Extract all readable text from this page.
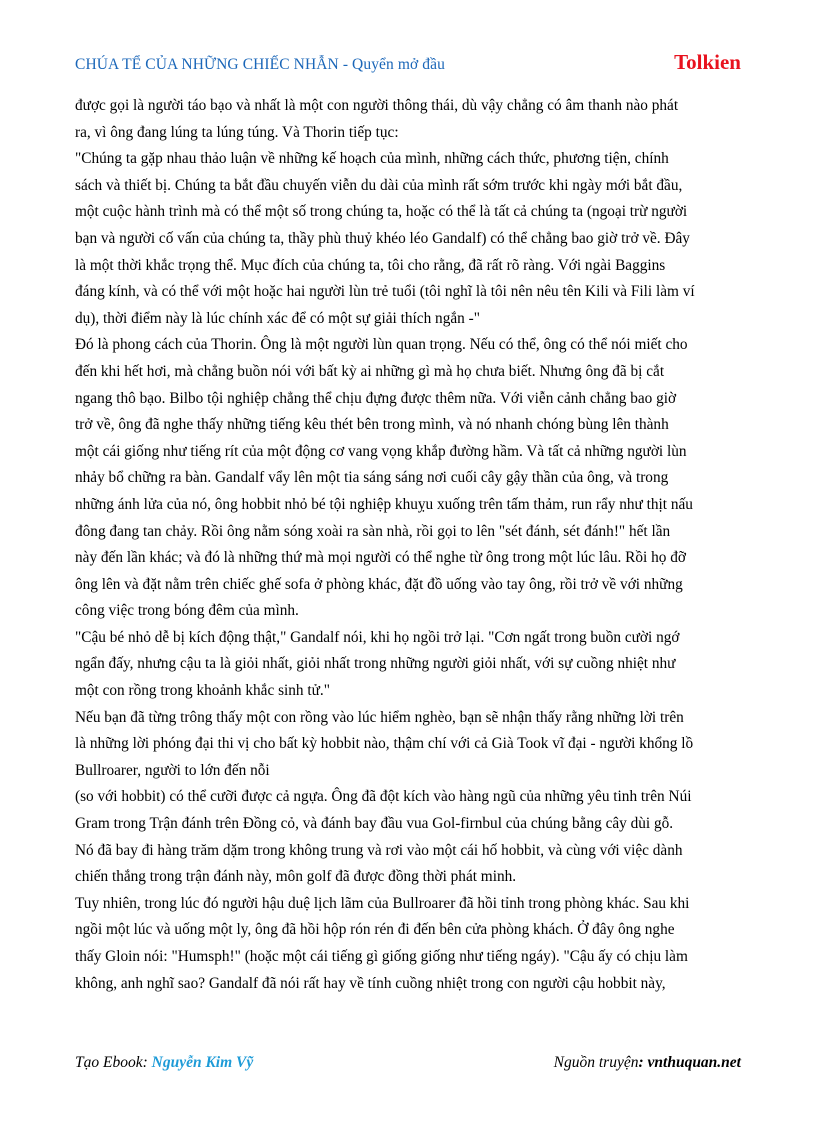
CHÚA TỂ CỦA NHỮNG CHIẾC NHẪN - Quyển mở đầu	Tolkien
được gọi là người táo bạo và nhất là một con người thông thái, dù vậy chẳng có âm thanh nào phát
ra, vì ông đang lúng ta lúng túng. Và Thorin tiếp tục:
"Chúng ta gặp nhau thảo luận về những kế hoạch của mình, những cách thức, phương tiện, chính
sách và thiết bị. Chúng ta bắt đầu chuyến viễn du dài của mình rất sớm trước khi ngày mới bắt đầu,
một cuộc hành trình mà có thể một số trong chúng ta, hoặc có thể là tất cả chúng ta (ngoại trừ người
bạn và người cố vấn của chúng ta, thầy phù thuỷ khéo léo Gandalf) có thể chẳng bao giờ trở về. Đây
là một thời khắc trọng thể. Mục đích của chúng ta, tôi cho rằng, đã rất rõ ràng. Với ngài Baggins
đáng kính, và có thể với một hoặc hai người lùn trẻ tuổi (tôi nghĩ là tôi nên nêu tên Kili và Fili làm ví
dụ), thời điểm này là lúc chính xác để có một sự giải thích ngắn -"
Đó là phong cách của Thorin. Ông là một người lùn quan trọng. Nếu có thể, ông có thể nói miết cho
đến khi hết hơi, mà chẳng buồn nói với bất kỳ ai những gì mà họ chưa biết. Nhưng ông đã bị cắt
ngang thô bạo. Bilbo tội nghiệp chẳng thể chịu đựng được thêm nữa. Với viễn cảnh chẳng bao giờ
trở về, ông đã nghe thấy những tiếng kêu thét bên trong mình, và nó nhanh chóng bùng lên thành
một cái giống như tiếng rít của một động cơ vang vọng khắp đường hầm. Và tất cả những người lùn
nhảy bổ chững ra bàn. Gandalf vẩy lên một tia sáng sáng nơi cuối cây gậy thần của ông, và trong
những ánh lửa của nó, ông hobbit nhỏ bé tội nghiệp khuỵu xuống trên tấm thảm, run rẩy như thịt nấu
đông đang tan chảy. Rồi ông nằm sóng xoài ra sàn nhà, rồi gọi to lên "sét đánh, sét đánh!" hết lần
này đến lần khác; và đó là những thứ mà mọi người có thể nghe từ ông trong một lúc lâu. Rồi họ đỡ
ông lên và đặt nằm trên chiếc ghế sofa ở phòng khác, đặt đồ uống vào tay ông, rồi trở về với những
công việc trong bóng đêm của mình.
"Cậu bé nhỏ dễ bị kích động thật," Gandalf nói, khi họ ngồi trở lại. "Cơn ngất trong buồn cười ngớ
ngẩn đấy, nhưng cậu ta là giỏi nhất, giỏi nhất trong những người giỏi nhất, với sự cuồng nhiệt như
một con rồng trong khoảnh khắc sinh tử."
Nếu bạn đã từng trông thấy một con rồng vào lúc hiểm nghèo, bạn sẽ nhận thấy rằng những lời trên
là những lời phóng đại thi vị cho bất kỳ hobbit nào, thậm chí với cả Già Took vĩ đại - người khổng lồ
Bullroarer, người to lớn đến nỗi
(so với hobbit) có thể cưỡi được cả ngựa. Ông đã đột kích vào hàng ngũ của những yêu tinh trên Núi
Gram trong Trận đánh trên Đồng cỏ, và đánh bay đầu vua Gol-firnbul của chúng bằng cây dùi gỗ.
Nó đã bay đi hàng trăm dặm trong không trung và rơi vào một cái hố hobbit, và cùng với việc dành
chiến thắng trong trận đánh này, môn golf đã được đồng thời phát minh.
Tuy nhiên, trong lúc đó người hậu duệ lịch lãm của Bullroarer đã hồi tỉnh trong phòng khác. Sau khi
ngồi một lúc và uống một ly, ông đã hồi hộp rón rén đi đến bên cửa phòng khách. Ở đây ông nghe
thấy Gloin nói: "Humsph!" (hoặc một cái tiếng gì giống giống như tiếng ngáy). "Cậu ấy có chịu làm
không, anh nghĩ sao? Gandalf đã nói rất hay về tính cuồng nhiệt trong con người cậu hobbit này,
Tạo Ebook: Nguyễn Kim Vỹ	Nguồn truyện: vnthuquan.net
